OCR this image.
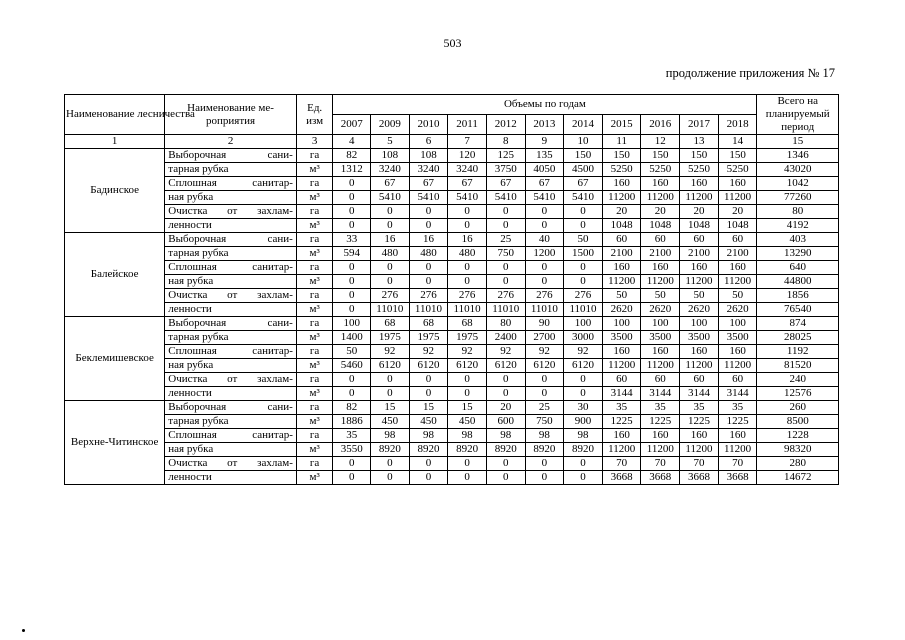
503
продолжение приложения № 17
Наименование лесничества	Наименование ме-роприятия	Ед. изм	Объемы по годам											Всего на планируемый период
			2007	2009	2010	2011	2012	2013	2014	2015	2016	2017	2018	
1	2	3	4	5	6	7	8	9	10	11	12	13	14	15
Бадинское	Выборочная сани-	га	82	108	108	120	125	135	150	150	150	150	150	1346
	тарная рубка	м³	1312	3240	3240	3240	3750	4050	4500	5250	5250	5250	5250	43020
	Сплошная санитар-	га	0	67	67	67	67	67	67	160	160	160	160	1042
	ная рубка	м³	0	5410	5410	5410	5410	5410	5410	11200	11200	11200	11200	77260
	Очистка от захлам-	га	0	0	0	0	0	0	0	20	20	20	20	80
	ленности	м³	0	0	0	0	0	0	0	1048	1048	1048	1048	4192
Балейское	Выборочная сани-	га	33	16	16	16	25	40	50	60	60	60	60	403
	тарная рубка	м³	594	480	480	480	750	1200	1500	2100	2100	2100	2100	13290
	Сплошная санитар-	га	0	0	0	0	0	0	0	160	160	160	160	640
	ная рубка	м³	0	0	0	0	0	0	0	11200	11200	11200	11200	44800
	Очистка от захлам-	га	0	276	276	276	276	276	276	50	50	50	50	1856
	ленности	м³	0	11010	11010	11010	11010	11010	11010	2620	2620	2620	2620	76540
Беклемишевское	Выборочная сани-	га	100	68	68	68	80	90	100	100	100	100	100	874
	тарная рубка	м³	1400	1975	1975	1975	2400	2700	3000	3500	3500	3500	3500	28025
	Сплошная санитар-	га	50	92	92	92	92	92	92	160	160	160	160	1192
	ная рубка	м³	5460	6120	6120	6120	6120	6120	6120	11200	11200	11200	11200	81520
	Очистка от захлам-	га	0	0	0	0	0	0	0	60	60	60	60	240
	ленности	м³	0	0	0	0	0	0	0	3144	3144	3144	3144	12576
Верхне-Читинское	Выборочная сани-	га	82	15	15	15	20	25	30	35	35	35	35	260
	тарная рубка	м³	1886	450	450	450	600	750	900	1225	1225	1225	1225	8500
	Сплошная санитар-	га	35	98	98	98	98	98	98	160	160	160	160	1228
	ная рубка	м³	3550	8920	8920	8920	8920	8920	8920	11200	11200	11200	11200	98320
	Очистка от захлам-	га	0	0	0	0	0	0	0	70	70	70	70	280
	ленности	м³	0	0	0	0	0	0	0	3668	3668	3668	3668	14672
